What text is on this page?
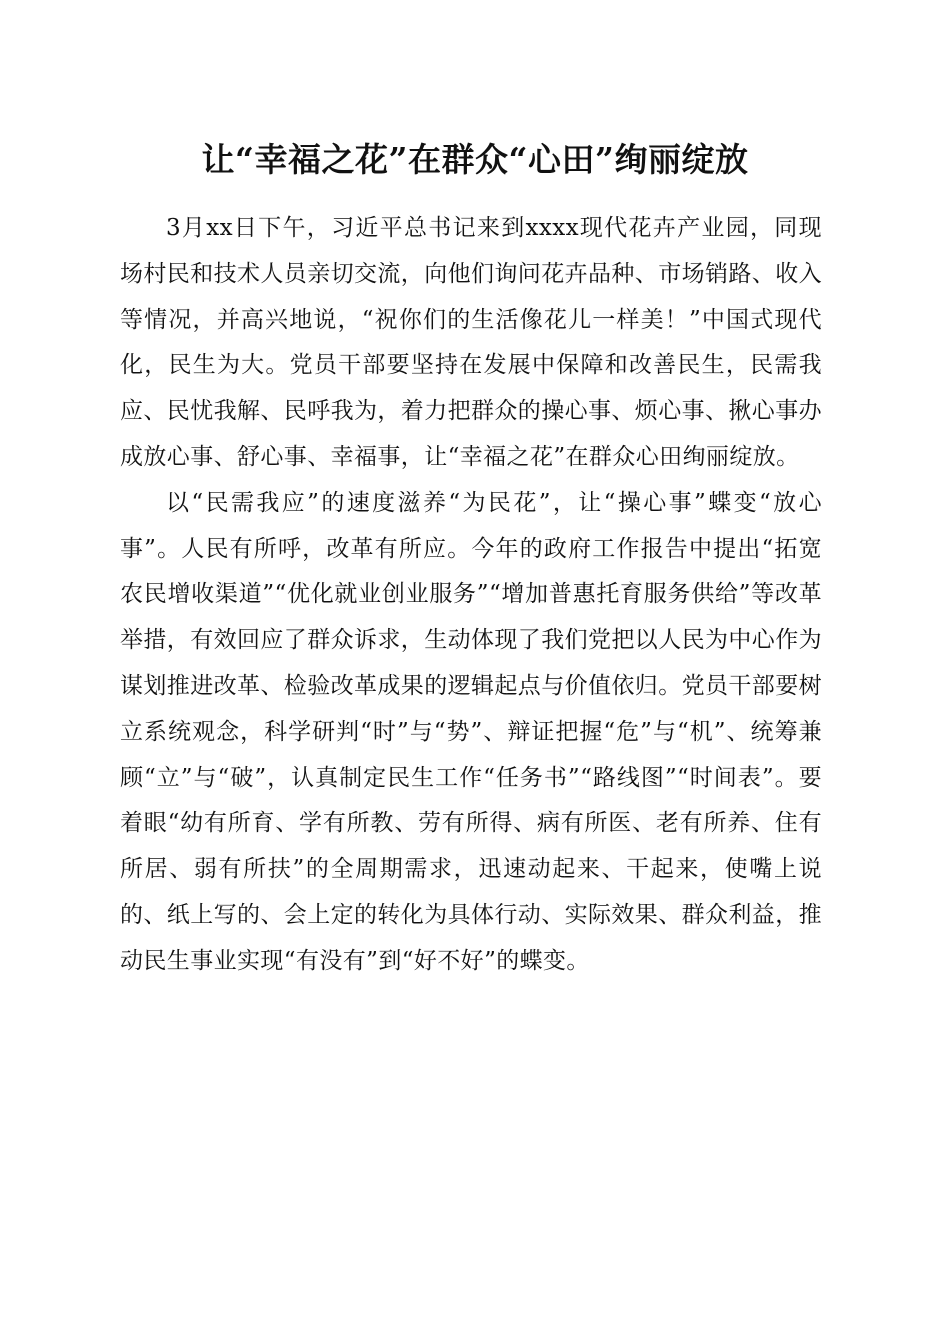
让“幸福之花”在群众“心田”绚丽绽放

3月xx日下午，习近平总书记来到xxxx现代花卉产业园，同现场村民和技术人员亲切交流，向他们询问花卉品种、市场销路、收入等情况，并高兴地说，“祝你们的生活像花儿一样美！”中国式现代化，民生为大。党员干部要坚持在发展中保障和改善民生，民需我应、民忧我解、民呼我为，着力把群众的操心事、烦心事、揪心事办成放心事、舒心事、幸福事，让“幸福之花”在群众心田绚丽绽放。

以“民需我应”的速度滋养“为民花”，让“操心事”蝶变“放心事”。人民有所呼，改革有所应。今年的政府工作报告中提出“拓宽农民增收渠道”“优化就业创业服务”“增加普惠托育服务供给”等改革举措，有效回应了群众诉求，生动体现了我们党把以人民为中心作为谋划推进改革、检验改革成果的逻辑起点与价值依归。党员干部要树立系统观念，科学研判“时”与“势”、辩证把握“危”与“机”、统筹兼顾“立”与“破”，认真制定民生工作“任务书”“路线图”“时间表”。要着眼“幼有所育、学有所教、劳有所得、病有所医、老有所养、住有所居、弱有所扶”的全周期需求，迅速动起来、干起来，使嘴上说的、纸上写的、会上定的转化为具体行动、实际效果、群众利益，推动民生事业实现“有没有”到“好不好”的蝶变。
